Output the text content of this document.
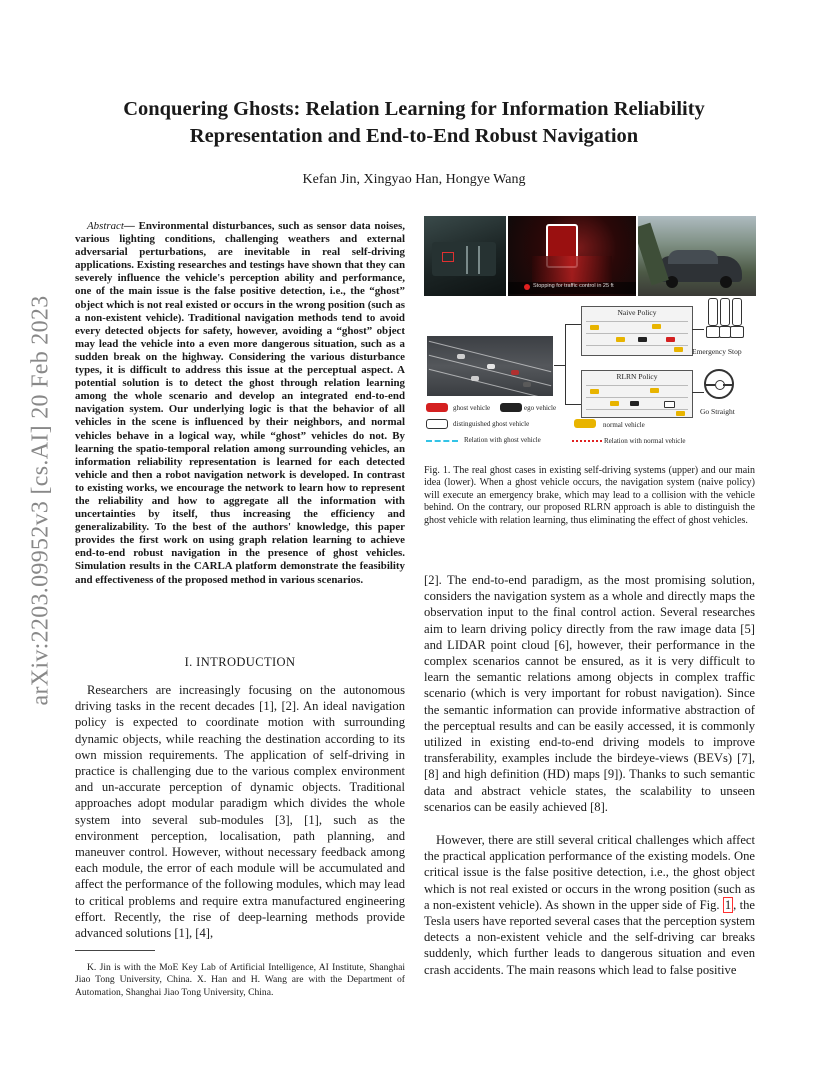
arXiv:2203.09952v3 [cs.AI] 20 Feb 2023
Conquering Ghosts: Relation Learning for Information Reliability Representation and End-to-End Robust Navigation
Kefan Jin, Xingyao Han, Hongye Wang

Abstract— Environmental disturbances, such as sensor data noises, various lighting conditions, challenging weathers and external adversarial perturbations, are inevitable in real self-driving applications. Existing researches and testings have shown that they can severely influence the vehicle's perception ability and performance, one of the main issue is the false positive detection, i.e., the “ghost” object which is not real existed or occurs in the wrong position (such as a non-existent vehicle). Traditional navigation methods tend to avoid every detected objects for safety, however, avoiding a “ghost” object may lead the vehicle into a even more dangerous situation, such as a sudden break on the highway. Considering the various disturbance types, it is difficult to address this issue at the perceptual aspect. A potential solution is to detect the ghost through relation learning among the whole scenario and develop an integrated end-to-end navigation system. Our underlying logic is that the behavior of all vehicles in the scene is influenced by their neighbors, and normal vehicles behave in a logical way, while “ghost” vehicles do not. By learning the spatio-temporal relation among surrounding vehicles, an information reliability representation is learned for each detected vehicle and then a robot navigation network is developed. In contrast to existing works, we encourage the network to learn how to represent the reliability and how to aggregate all the information with uncertainties by itself, thus increasing the efficiency and generalizability. To the best of the authors' knowledge, this paper provides the first work on using graph relation learning to achieve end-to-end robust navigation in the presence of ghost vehicles. Simulation results in the CARLA platform demonstrate the feasibility and effectiveness of the proposed method in various scenarios.

I. INTRODUCTION

Researchers are increasingly focusing on the autonomous driving tasks in the recent decades [1], [2]. An ideal navigation policy is expected to coordinate motion with surrounding dynamic objects, while reaching the destination according to its own mission requirements. The application of self-driving in practice is challenging due to the various complex environment and un-accurate perception of dynamic objects. Traditional approaches adopt modular paradigm which divides the whole system into several sub-modules [3], [1], such as the environment perception, localisation, path planning, and maneuver control. However, without necessary feedback among each module, the error of each module will be accumulated and affect the performance of the following modules, which may lead to critical problems and require extra manufactured engineering effort. Recently, the rise of deep-learning methods provide advanced solutions [1], [4],

K. Jin is with the MoE Key Lab of Artificial Intelligence, AI Institute, Shanghai Jiao Tong University, China. X. Han and H. Wang are with the Department of Automation, Shanghai Jiao Tong University, China.

Stopping for traffic control in 25 ft
Naive Policy
Emergency Stop
RLRN Policy
Go Straight
ghost vehicle	ego vehicle
distinguished ghost vehicle	normal vehicle
Relation with ghost vehicle	Relation with normal vehicle

Fig. 1. The real ghost cases in existing self-driving systems (upper) and our main idea (lower). When a ghost vehicle occurs, the navigation system (naive policy) will execute an emergency brake, which may lead to a collision with the vehicle behind. On the contrary, our proposed RLRN approach is able to distinguish the ghost vehicle with relation learning, thus eliminating the effect of ghost vehicles.

[2]. The end-to-end paradigm, as the most promising solution, considers the navigation system as a whole and directly maps the observation input to the final control action. Several researches aim to learn driving policy directly from the raw image data [5] and LIDAR point cloud [6], however, their performance in the complex scenarios cannot be ensured, as it is very difficult to learn the semantic relations among objects in complex traffic scenario (which is very important for robust navigation). Since the semantic information can provide informative abstraction of the perceptual results and can be easily accessed, it is commonly utilized in existing end-to-end driving models to improve transferability, examples include the birdeye-views (BEVs) [7], [8] and high definition (HD) maps [9]). Thanks to such semantic data and abstract vehicle states, the scalability to unseen scenarios can be easily achieved [8].

However, there are still several critical challenges which affect the practical application performance of the existing models. One critical issue is the false positive detection, i.e., the ghost object which is not real existed or occurs in the wrong position (such as a non-existent vehicle). As shown in the upper side of Fig. 1 , the Tesla users have reported several cases that the perception system detects a non-existent vehicle and the self-driving car breaks suddenly, which further leads to dangerous situation and even crash accidents. The main reasons which lead to false positive
